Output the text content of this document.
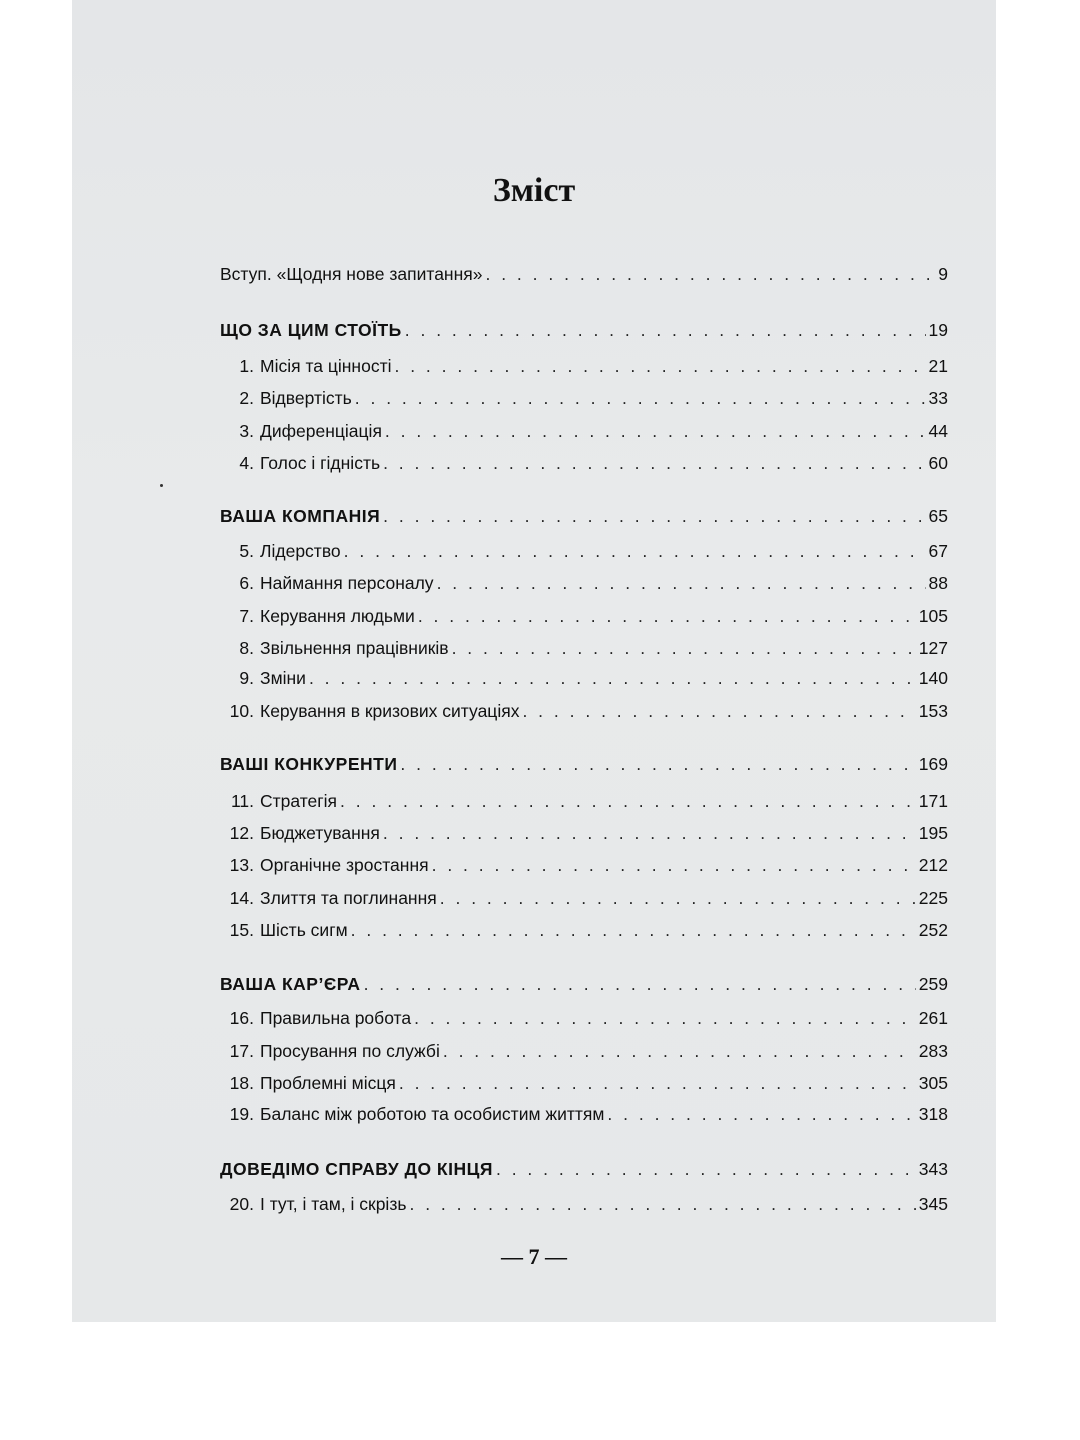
Зміст
Вступ. «Щодня нове запитання» . . .	9
ЩО ЗА ЦИМ СТОЇТЬ . . .	19
1. Місія та цінності . . .	21
2. Відвертість . . .	33
3. Диференціація . . .	44
4. Голос і гідність . . .	60
ВАША КОМПАНІЯ . . .	65
5. Лідерство . . .	67
6. Наймання персоналу . . .	88
7. Керування людьми . . .	105
8. Звільнення працівників . . .	127
9. Зміни . . .	140
10. Керування в кризових ситуаціях . . .	153
ВАШІ КОНКУРЕНТИ . . .	169
11. Стратегія . . .	171
12. Бюджетування . . .	195
13. Органічне зростання . . .	212
14. Злиття та поглинання . . .	225
15. Шість сигм . . .	252
ВАША КАР’ЄРА . . .	259
16. Правильна робота . . .	261
17. Просування по службі . . .	283
18. Проблемні місця . . .	305
19. Баланс між роботою та особистим життям . . .	318
ДОВЕДІМО СПРАВУ ДО КІНЦЯ . . .	343
20. І тут, і там, і скрізь . . .	345
— 7 —
